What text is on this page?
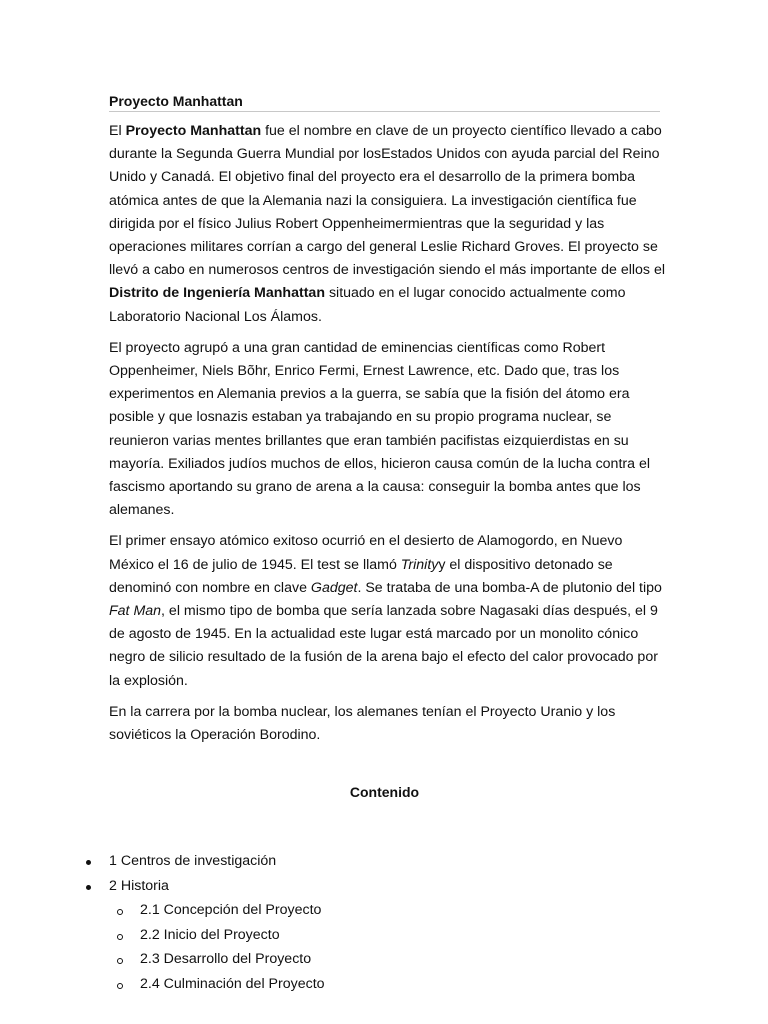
Proyecto Manhattan

El Proyecto Manhattan fue el nombre en clave de un proyecto científico llevado a cabo durante la Segunda Guerra Mundial por losEstados Unidos con ayuda parcial del Reino Unido y Canadá. El objetivo final del proyecto era el desarrollo de la primera bomba atómica antes de que la Alemania nazi la consiguiera. La investigación científica fue dirigida por el físico Julius Robert Oppenheimermientras que la seguridad y las operaciones militares corrían a cargo del general Leslie Richard Groves. El proyecto se llevó a cabo en numerosos centros de investigación siendo el más importante de ellos el Distrito de Ingeniería Manhattan situado en el lugar conocido actualmente como Laboratorio Nacional Los Álamos.

El proyecto agrupó a una gran cantidad de eminencias científicas como Robert Oppenheimer, Niels Bõhr, Enrico Fermi, Ernest Lawrence, etc. Dado que, tras los experimentos en Alemania previos a la guerra, se sabía que la fisión del átomo era posible y que losnazis estaban ya trabajando en su propio programa nuclear, se reunieron varias mentes brillantes que eran también pacifistas eizquierdistas en su mayoría. Exiliados judíos muchos de ellos, hicieron causa común de la lucha contra el fascismo aportando su grano de arena a la causa: conseguir la bomba antes que los alemanes.

El primer ensayo atómico exitoso ocurrió en el desierto de Alamogordo, en Nuevo México el 16 de julio de 1945. El test se llamó Trinityy el dispositivo detonado se denominó con nombre en clave Gadget. Se trataba de una bomba-A de plutonio del tipo Fat Man, el mismo tipo de bomba que sería lanzada sobre Nagasaki días después, el 9 de agosto de 1945. En la actualidad este lugar está marcado por un monolito cónico negro de silicio resultado de la fusión de la arena bajo el efecto del calor provocado por la explosión.

En la carrera por la bomba nuclear, los alemanes tenían el Proyecto Uranio y los soviéticos la Operación Borodino.

Contenido
1 Centros de investigación
2 Historia
2.1 Concepción del Proyecto
2.2 Inicio del Proyecto
2.3 Desarrollo del Proyecto
2.4 Culminación del Proyecto
